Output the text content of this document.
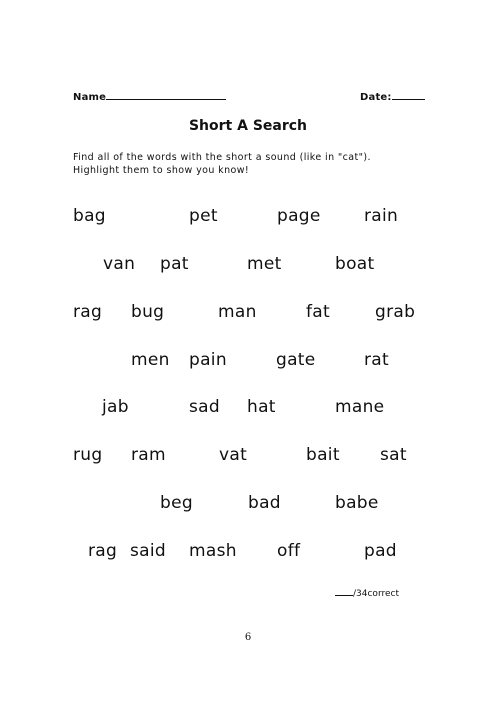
Name	Date:
Short A Search
Find all of the words with the short a sound (like in "cat").
Highlight them to show you know!
bag	pet	page	rain
van pat	met	boat
rag bug	man	fat	grab
men pain	gate	rat
jab	sad hat	mane
rug ram	vat	bait sat
beg	bad	babe
rag said mash off	pad
/34correct
6
